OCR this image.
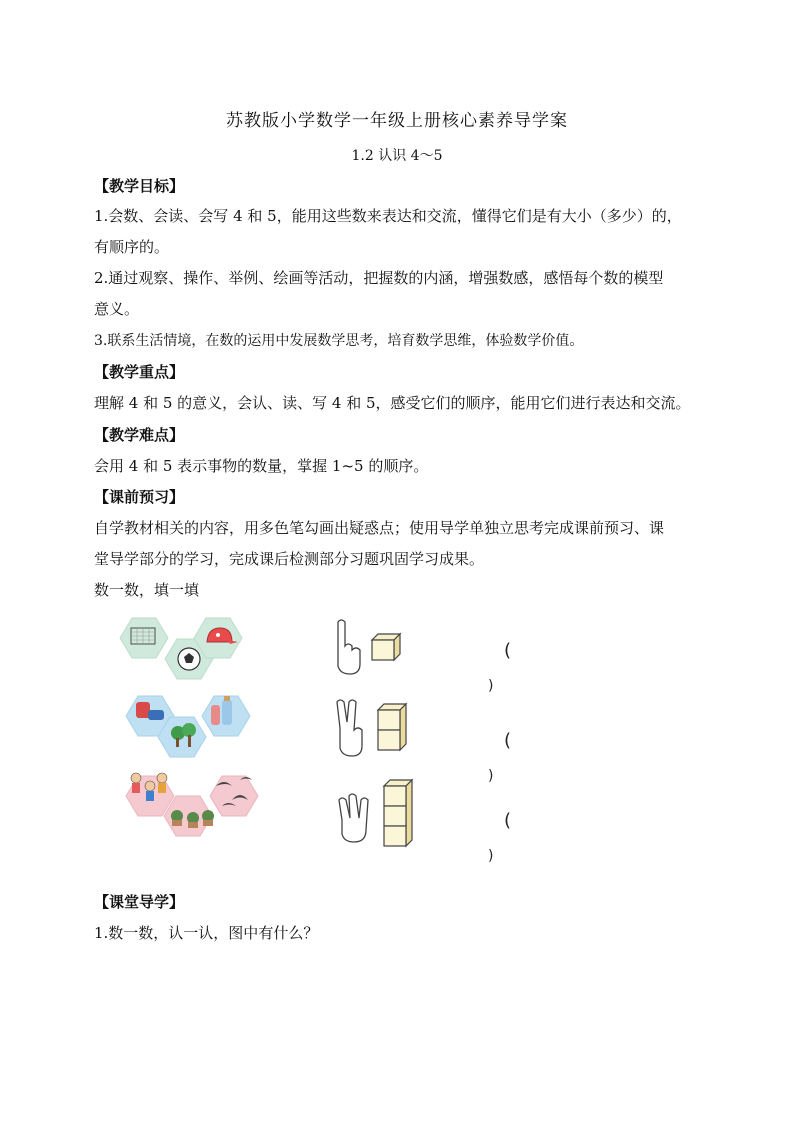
苏教版小学数学一年级上册核心素养导学案
1.2 认识 4～5
【教学目标】
1.会数、会读、会写 4 和 5，能用这些数来表达和交流，懂得它们是有大小（多少）的，
有顺序的。
2.通过观察、操作、举例、绘画等活动，把握数的内涵，增强数感，感悟每个数的模型
意义。
3.联系生活情境，在数的运用中发展数学思考，培育数学思维，体验数学价值。
【教学重点】
理解 4 和 5 的意义，会认、读、写 4 和 5，感受它们的顺序，能用它们进行表达和交流。
【教学难点】
会用 4 和 5 表示事物的数量，掌握 1~5 的顺序。
【课前预习】
自学教材相关的内容，用多色笔勾画出疑惑点；使用导学单独立思考完成课前预习、课
堂导学部分的学习，完成课后检测部分习题巩固学习成果。
数一数，填一填
(
)
(
)
(
)
【课堂导学】
1.数一数，认一认，图中有什么？
